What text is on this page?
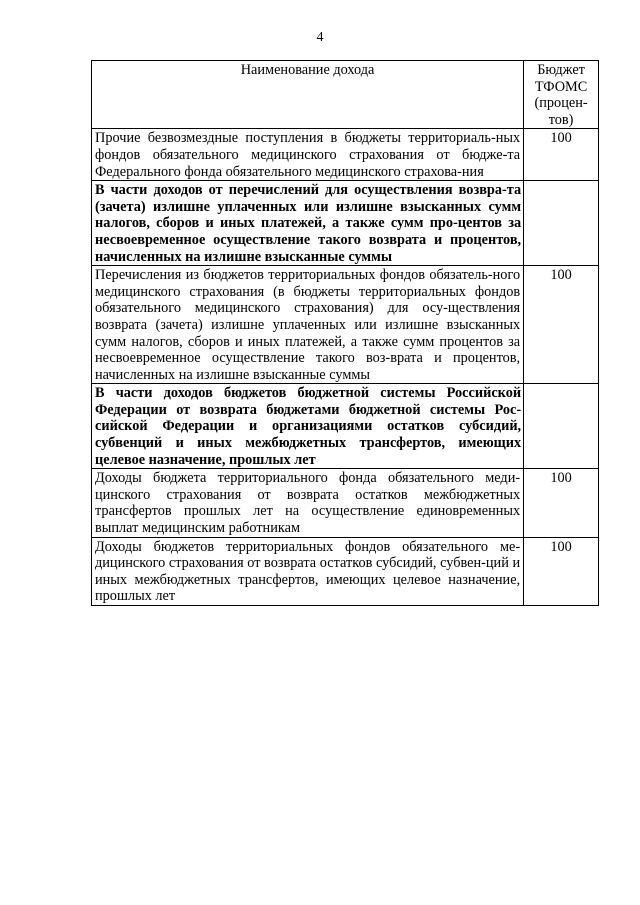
4
Наименование дохода	Бюджет ТФОМС (процен-тов)
Прочие безвозмездные поступления в бюджеты территориаль-ных фондов обязательного медицинского страхования от бюдже-та Федерального фонда обязательного медицинского страхова-ния	100
В части доходов от перечислений для осуществления возвра-та (зачета) излишне уплаченных или излишне взысканных сумм налогов, сборов и иных платежей, а также сумм про-центов за несвоевременное осуществление такого возврата и процентов, начисленных на излишне взысканные суммы	
Перечисления из бюджетов территориальных фондов обязатель-ного медицинского страхования (в бюджеты территориальных фондов обязательного медицинского страхования) для осу-ществления возврата (зачета) излишне уплаченных или излишне взысканных сумм налогов, сборов и иных платежей, а также сумм процентов за несвоевременное осуществление такого воз-врата и процентов, начисленных на излишне взысканные суммы	100
В части доходов бюджетов бюджетной системы Российской Федерации от возврата бюджетами бюджетной системы Рос-сийской Федерации и организациями остатков субсидий, субвенций и иных межбюджетных трансфертов, имеющих целевое назначение, прошлых лет	
Доходы бюджета территориального фонда обязательного меди-цинского страхования от возврата остатков межбюджетных трансфертов прошлых лет на осуществление единовременных выплат медицинским работникам	100
Доходы бюджетов территориальных фондов обязательного ме-дицинского страхования от возврата остатков субсидий, субвен-ций и иных межбюджетных трансфертов, имеющих целевое назначение, прошлых лет	100
